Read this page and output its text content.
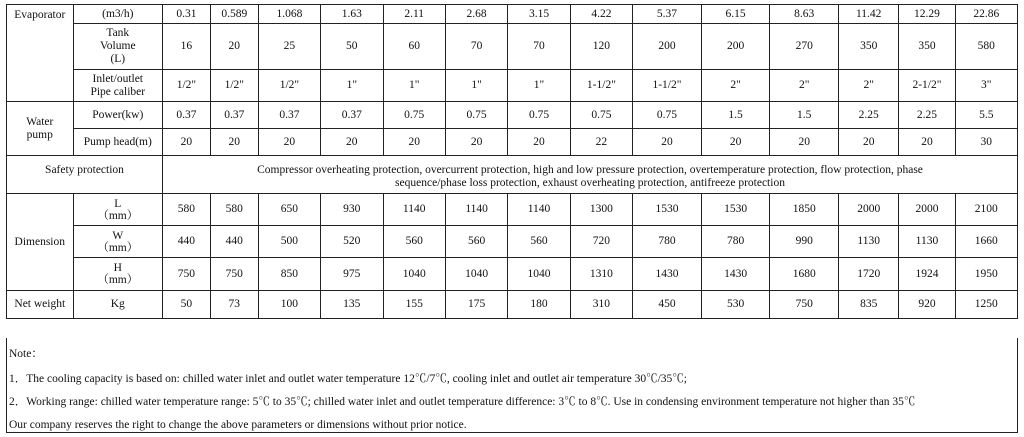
Evaporator	(m3/h)	0.31	0.589	1.068	1.63	2.11	2.68	3.15	4.22	5.37	6.15	8.63	11.42	12.29	22.86

	Tank
Volume
(L)	16	20	25	50	60	70	70	120	200	200	270	350	350	580

	Inlet/outlet
Pipe caliber	1/2"	1/2"	1/2"	1"	1"	1"	1"	1-1/2"	1-1/2"	2"	2"	2"	2-1/2"	3"

Water
pump	Power(kw)	0.37	0.37	0.37	0.37	0.75	0.75	0.75	0.75	0.75	1.5	1.5	2.25	2.25	5.5
	Pump head(m)	20	20	20	20	20	20	20	22	20	20	20	20	20	30
Safety protection		Compressor overheating protection, overcurrent protection, high and low pressure protection, overtemperature protection, flow protection, phase
sequence/phase loss protection, exhaust overheating protection, antifreeze protection													

Dimension	L
（mm）	580	580	650	930	1140	1140	1140	1300	1530	1530	1850	2000	2000	2100

	W
（mm）	440	440	500	520	560	560	560	720	780	780	990	1130	1130	1660

	H
（mm）	750	750	850	975	1040	1040	1040	1310	1430	1430	1680	1720	1924	1950
Net weight	Kg	50	73	100	135	155	175	180	310	450	530	750	835	920	1250
Note：
1．The cooling capacity is based on: chilled water inlet and outlet water temperature 12℃/7℃, cooling inlet and outlet air temperature 30℃/35℃;
2．Working range: chilled water temperature range: 5℃ to 35℃; chilled water inlet and outlet temperature difference: 3℃ to 8℃. Use in condensing environment temperature not higher than 35℃
Our company reserves the right to change the above parameters or dimensions without prior notice.
